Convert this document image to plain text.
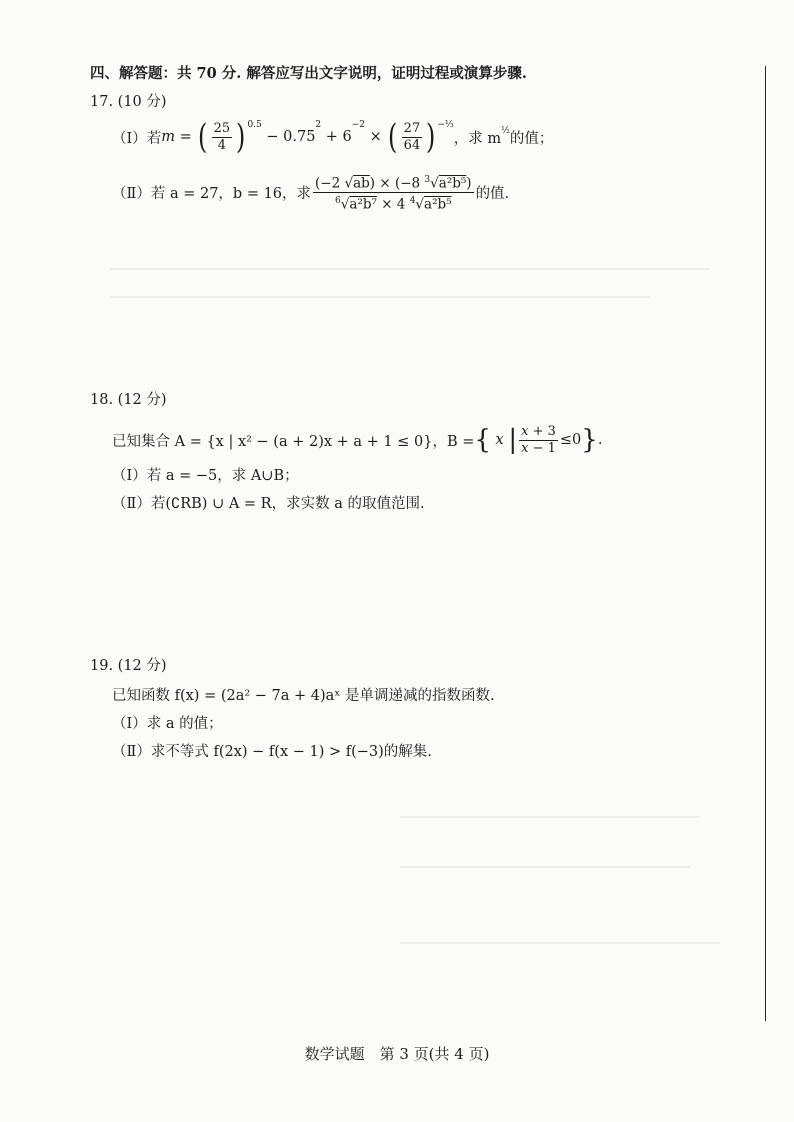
四、解答题：共 70 分. 解答应写出文字说明，证明过程或演算步骤.
17. (10 分)
（Ⅰ）若 m = ( $\frac{25}{4} )^{0.5}$
− 0.75
2
+ 6
−2
× ( $\frac{27}{64} )^{-\frac{1}{3}}$
，求 $m^{\frac{1}{2}}$ 的值；
（Ⅱ）若 a = 27，b = 16，求 $\frac{(-2 √ab) \times (-8 ^3√a^2b^5)}{^6√a^2b^7 \times 4 ^4√a^2b^5}$ 的值.
18. (12 分)
已知集合 A = {x | x² − (a + 2)x + a + 1 ≤ 0}，B = {
x
| $\frac{x + 3}{x - 1} \le 0$ } .
（Ⅰ）若 a = −5，求 A∪B；
（Ⅱ）若(∁RB) ∪ A = R，求实数 a 的取值范围.
19. (12 分)
已知函数 f(x) = (2a² − 7a + 4)aˣ 是单调递减的指数函数.
（Ⅰ）求 a 的值；
（Ⅱ）求不等式 f(2x) − f(x − 1) > f(−3)的解集.
数学试题　第 3 页(共 4 页)
